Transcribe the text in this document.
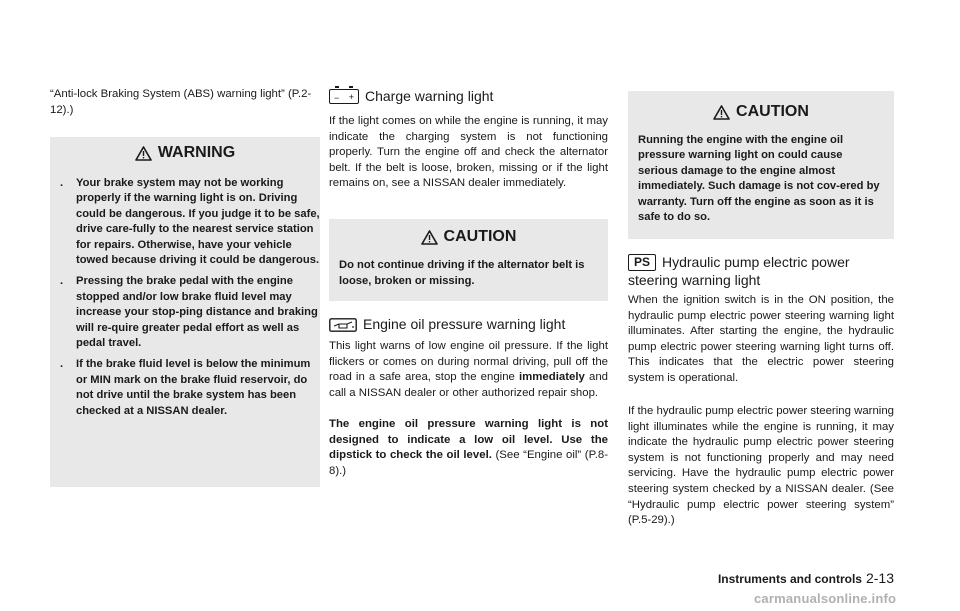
“Anti-lock Braking System (ABS) warning light” (P.2-12).)

WARNING
. Your brake system may not be working properly if the warning light is on. Driving could be dangerous. If you judge it to be safe, drive care-fully to the nearest service station for repairs. Otherwise, have your vehicle towed because driving it could be dangerous.
. Pressing the brake pedal with the engine stopped and/or low brake fluid level may increase your stop-ping distance and braking will re-quire greater pedal effort as well as pedal travel.
. If the brake fluid level is below the minimum or MIN mark on the brake fluid reservoir, do not drive until the brake system has been checked at a NISSAN dealer.
− + Charge warning light

If the light comes on while the engine is running, it may indicate the charging system is not functioning properly. Turn the engine off and check the alternator belt. If the belt is loose, broken, missing or if the light remains on, see a NISSAN dealer immediately.

CAUTION

Do not continue driving if the alternator belt is loose, broken or missing.

Engine oil pressure warning light

This light warns of low engine oil pressure. If the light flickers or comes on during normal driving, pull off the road in a safe area, stop the engine immediately and call a NISSAN dealer or other authorized repair shop.

The engine oil pressure warning light is not designed to indicate a low oil level. Use the dipstick to check the oil level. (See “Engine oil” (P.8-8).)

CAUTION

Running the engine with the engine oil pressure warning light on could cause serious damage to the engine almost immediately. Such damage is not cov-ered by warranty. Turn off the engine as soon as it is safe to do so.

PS Hydraulic pump electric power steering warning light

When the ignition switch is in the ON position, the hydraulic pump electric power steering warning light illuminates. After starting the engine, the hydraulic pump electric power steering warning light turns off. This indicates that the electric power steering system is operational.

If the hydraulic pump electric power steering warning light illuminates while the engine is running, it may indicate the hydraulic pump electric power steering system is not functioning properly and may need servicing. Have the hydraulic pump electric power steering system checked by a NISSAN dealer. (See “Hydraulic pump electric power steering system” (P.5-29).)

Instruments and controls 2-13
carmanualsonline.info
